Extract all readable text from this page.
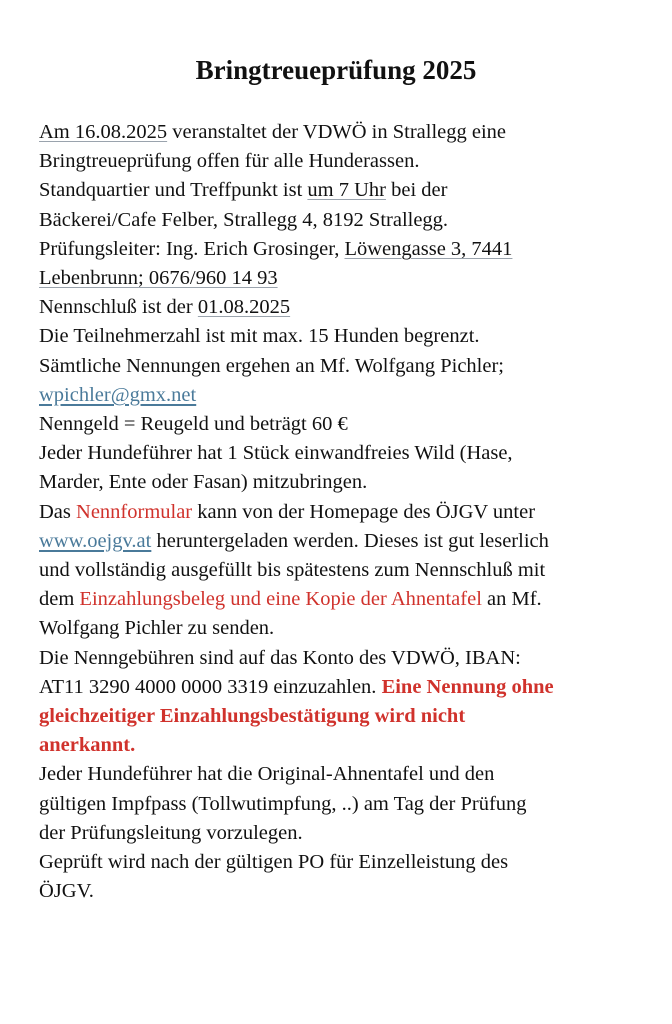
Bringtreueprüfung 2025
Am 16.08.2025 veranstaltet der VDWÖ in Strallegg eine
Bringtreueprüfung offen für alle Hunderassen.
Standquartier und Treffpunkt ist um 7 Uhr bei der
Bäckerei/Cafe Felber, Strallegg 4, 8192 Strallegg.
Prüfungsleiter: Ing. Erich Grosinger, Löwengasse 3, 7441
Lebenbrunn; 0676/960 14 93
Nennschluß ist der 01.08.2025
Die Teilnehmerzahl ist mit max. 15 Hunden begrenzt.
Sämtliche Nennungen ergehen an Mf. Wolfgang Pichler;
wpichler@gmx.net
Nenngeld = Reugeld und beträgt 60 €
Jeder Hundeführer hat 1 Stück einwandfreies Wild (Hase,
Marder, Ente oder Fasan) mitzubringen.
Das Nennformular kann von der Homepage des ÖJGV unter
www.oejgv.at heruntergeladen werden. Dieses ist gut leserlich
und vollständig ausgefüllt bis spätestens zum Nennschluß mit
dem Einzahlungsbeleg und eine Kopie der Ahnentafel an Mf.
Wolfgang Pichler zu senden.
Die Nenngebühren sind auf das Konto des VDWÖ, IBAN:
AT11 3290 4000 0000 3319 einzuzahlen. Eine Nennung ohne
gleichzeitiger Einzahlungsbestätigung wird nicht
anerkannt.
Jeder Hundeführer hat die Original-Ahnentafel und den
gültigen Impfpass (Tollwutimpfung, ..) am Tag der Prüfung
der Prüfungsleitung vorzulegen.
Geprüft wird nach der gültigen PO für Einzelleistung des
ÖJGV.
